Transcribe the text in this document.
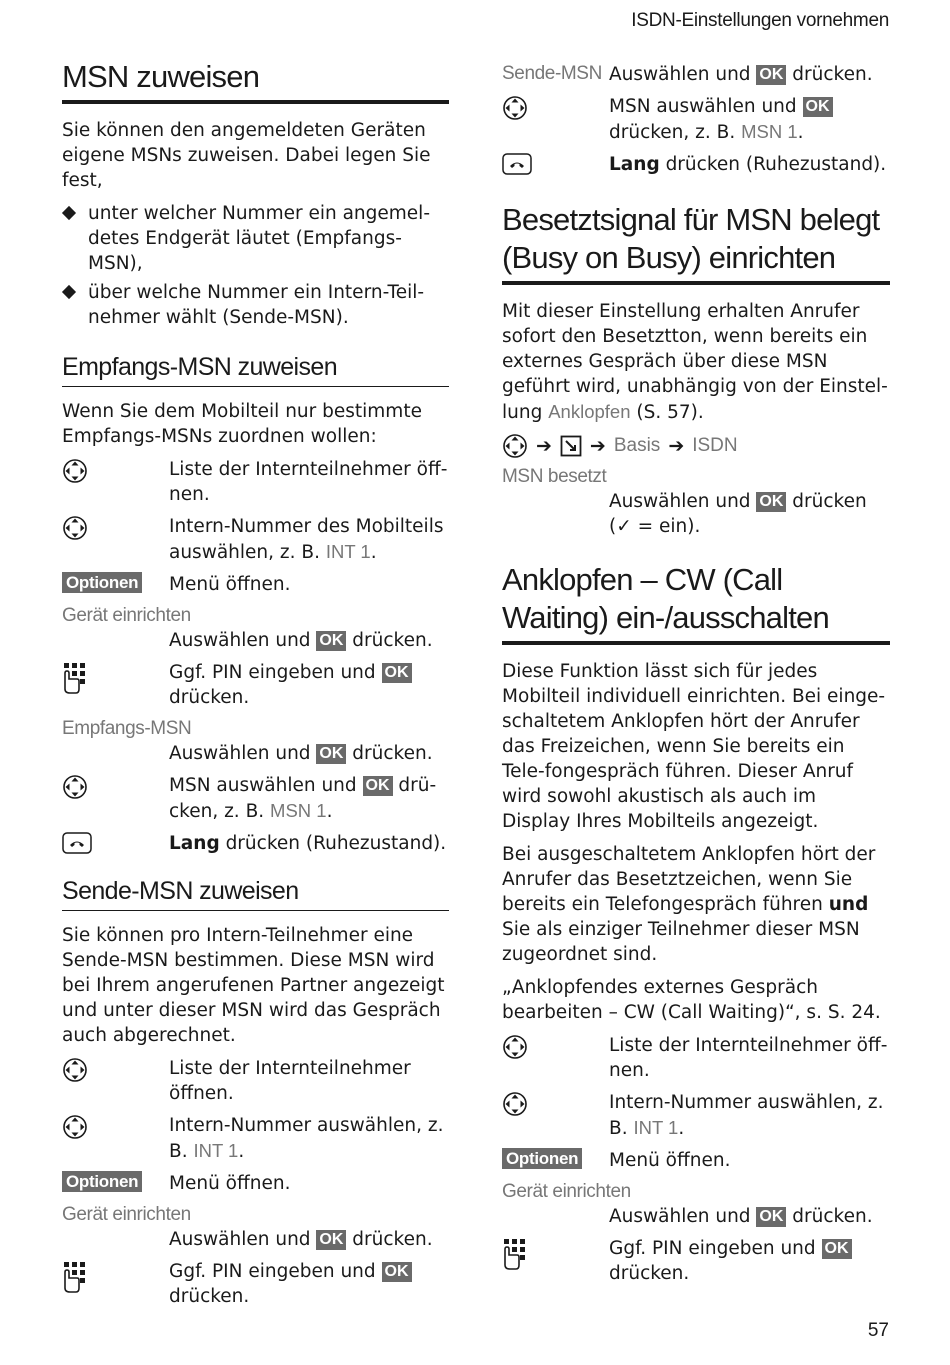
ISDN-Einstellungen vornehmen
MSN zuweisen

Sie können den angemeldeten Geräten eigene MSNs zuweisen. Dabei legen Sie fest,

unter welcher Nummer ein angemel-detes Endgerät läutet (Empfangs-MSN),
über welche Nummer ein Intern-Teil-nehmer wählt (Sende-MSN).
Empfangs-MSN zuweisen

Wenn Sie dem Mobilteil nur bestimmte Empfangs-MSNs zuordnen wollen:

Liste der Internteilnehmer öff-nen.
Intern-Nummer des Mobilteils auswählen, z. B. INT 1.
Optionen Menü öffnen.
Gerät einrichten
Auswählen und OK drücken.
Ggf. PIN eingeben und OK
drücken.
Empfangs-MSN
Auswählen und OK drücken.
MSN auswählen und OK drü-cken, z. B. MSN 1.
Lang drücken (Ruhezustand).
Sende-MSN zuweisen

Sie können pro Intern-Teilnehmer eine Sende-MSN bestimmen. Diese MSN wird bei Ihrem angerufenen Partner angezeigt und unter dieser MSN wird das Gespräch auch abgerechnet.

Liste der Internteilnehmer öffnen.
Intern-Nummer auswählen, z. B. INT 1.
Optionen Menü öffnen.
Gerät einrichten
Auswählen und OK drücken.
Ggf. PIN eingeben und OK
drücken.
Sende-MSN Auswählen und OK drücken.
MSN auswählen und OK
drücken, z. B. MSN 1.
Lang drücken (Ruhezustand).
Besetztsignal für MSN belegt (Busy on Busy) einrichten

Mit dieser Einstellung erhalten Anrufer sofort den Besetztton, wenn bereits ein externes Gespräch über diese MSN geführt wird, unabhängig von der Einstel-lung Anklopfen (S. 57).

➔ ➔ Basis ➔ ISDN
MSN besetzt
Auswählen und OK drücken
(✓ = ein).
Anklopfen – CW (Call Waiting) ein-/ausschalten

Diese Funktion lässt sich für jedes Mobilteil individuell einrichten. Bei einge-schaltetem Anklopfen hört der Anrufer das Freizeichen, wenn Sie bereits ein Tele-fongespräch führen. Dieser Anruf wird sowohl akustisch als auch im Display Ihres Mobilteils angezeigt.

Bei ausgeschaltetem Anklopfen hört der Anrufer das Besetztzeichen, wenn Sie bereits ein Telefongespräch führen und Sie als einziger Teilnehmer dieser MSN zugeordnet sind.

„Anklopfendes externes Gespräch bearbeiten – CW (Call Waiting)“, s. S. 24.

Liste der Internteilnehmer öff-nen.
Intern-Nummer auswählen, z. B. INT 1.
Optionen Menü öffnen.
Gerät einrichten
Auswählen und OK drücken.
Ggf. PIN eingeben und OK
drücken.
57
